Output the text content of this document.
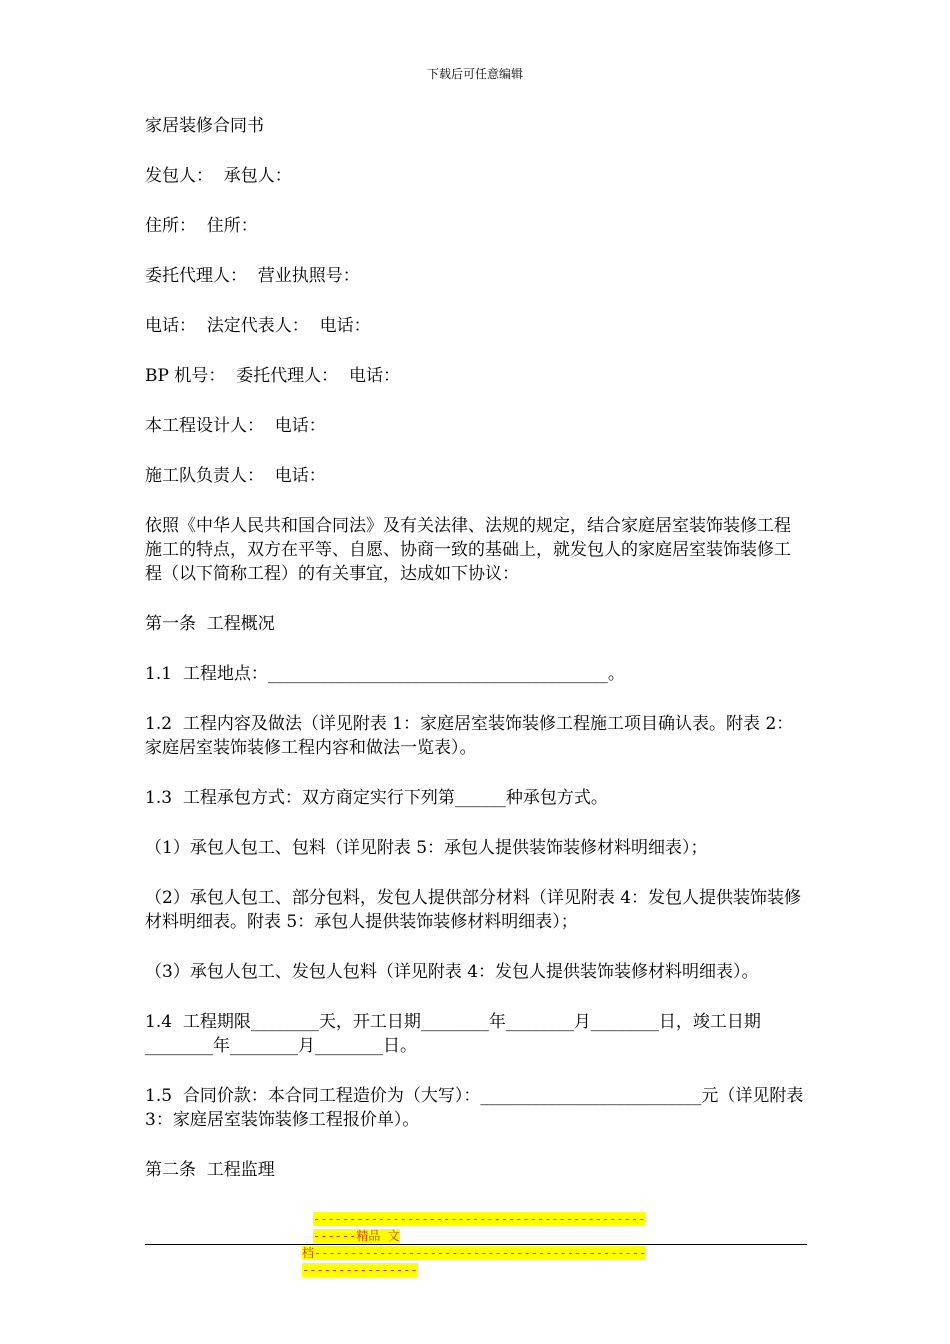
下载后可任意编辑

家居装修合同书

发包人：  承包人：

住所：  住所：

委托代理人：  营业执照号：

电话：  法定代表人：  电话：

BP 机号：  委托代理人：  电话：

本工程设计人：  电话：

施工队负责人：  电话：

依照《中华人民共和国合同法》及有关法律、法规的规定，结合家庭居室装饰装修工程施工的特点，双方在平等、自愿、协商一致的基础上，就发包人的家庭居室装饰装修工程（以下简称工程）的有关事宜，达成如下协议：

第一条  工程概况

1.1  工程地点：________________________________________。

1.2  工程内容及做法（详见附表 1：家庭居室装饰装修工程施工项目确认表。附表 2：家庭居室装饰装修工程内容和做法一览表）。

1.3  工程承包方式：双方商定实行下列第______种承包方式。

（1）承包人包工、包料（详见附表 5：承包人提供装饰装修材料明细表）；

（2）承包人包工、部分包料，发包人提供部分材料（详见附表 4：发包人提供装饰装修材料明细表。附表 5：承包人提供装饰装修材料明细表）；

（3）承包人包工、发包人包料（详见附表 4：发包人提供装饰装修材料明细表）。

1.4  工程期限________天，开工日期________年________月________日，竣工日期________年________月________日。

1.5  合同价款：本合同工程造价为（大写）：__________________________元（详见附表 3：家庭居室装饰装修工程报价单）。

第二条  工程监理

----------------------------------------------------精品 文
档--------------------------------------------------------------
